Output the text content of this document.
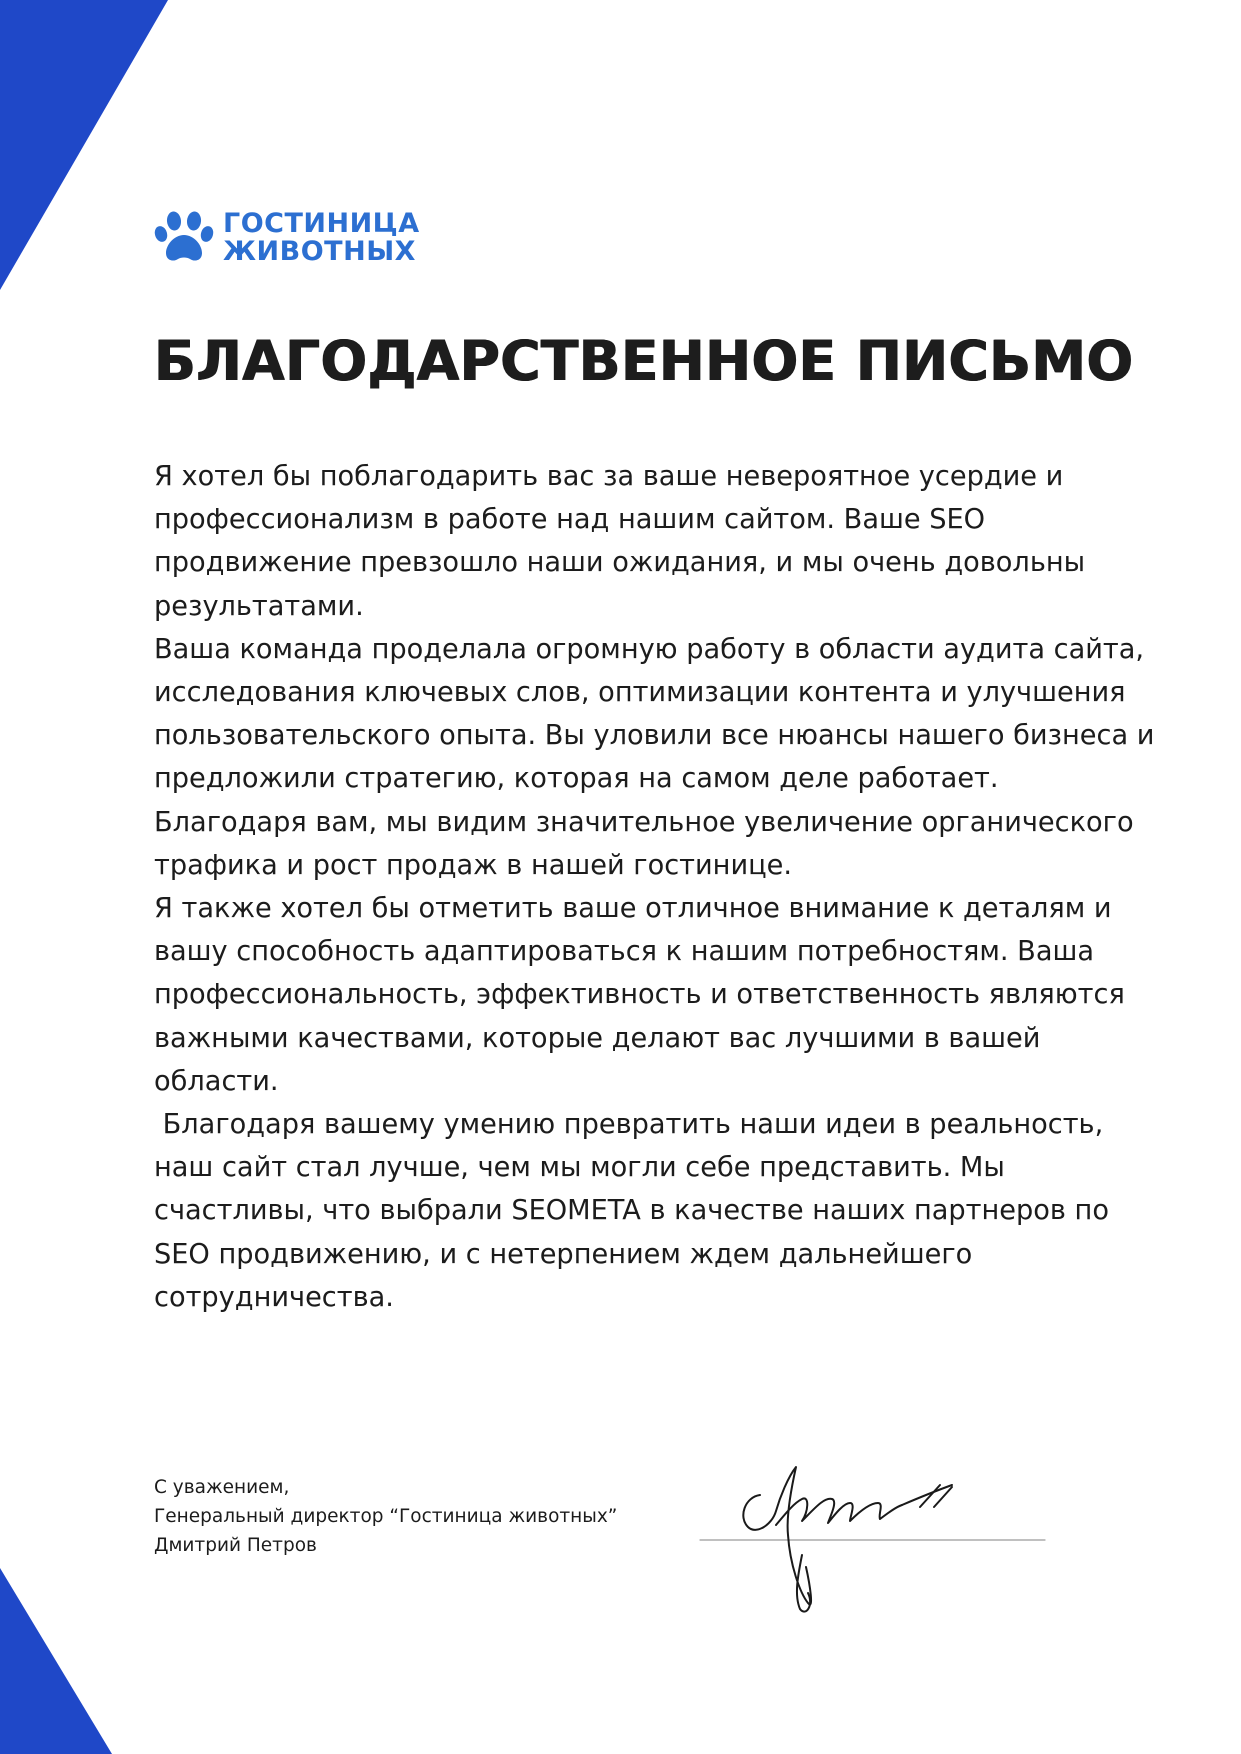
ГОСТИНИЦА
ЖИВОТНЫХ
БЛАГОДАРСТВЕННОЕ ПИСЬМО

Я хотел бы поблагодарить вас за ваше невероятное усердие и профессионализм в работе над нашим сайтом. Ваше SEO продвижение превзошло наши ожидания, и мы очень довольны результатами.

Ваша команда проделала огромную работу в области аудита сайта, исследования ключевых слов, оптимизации контента и улучшения пользовательского опыта. Вы уловили все нюансы нашего бизнеса и предложили стратегию, которая на самом деле работает. Благодаря вам, мы видим значительное увеличение органического трафика и рост продаж в нашей гостинице.

Я также хотел бы отметить ваше отличное внимание к деталям и вашу способность адаптироваться к нашим потребностям. Ваша профессиональность, эффективность и ответственность являются важными качествами, которые делают вас лучшими в вашей области.

Благодаря вашему умению превратить наши идеи в реальность, наш сайт стал лучше, чем мы могли себе представить. Мы счастливы, что выбрали SEOMETA в качестве наших партнеров по SEO продвижению, и с нетерпением ждем дальнейшего сотрудничества.

С уважением,
Генеральный директор “Гостиница животных”
Дмитрий Петров
